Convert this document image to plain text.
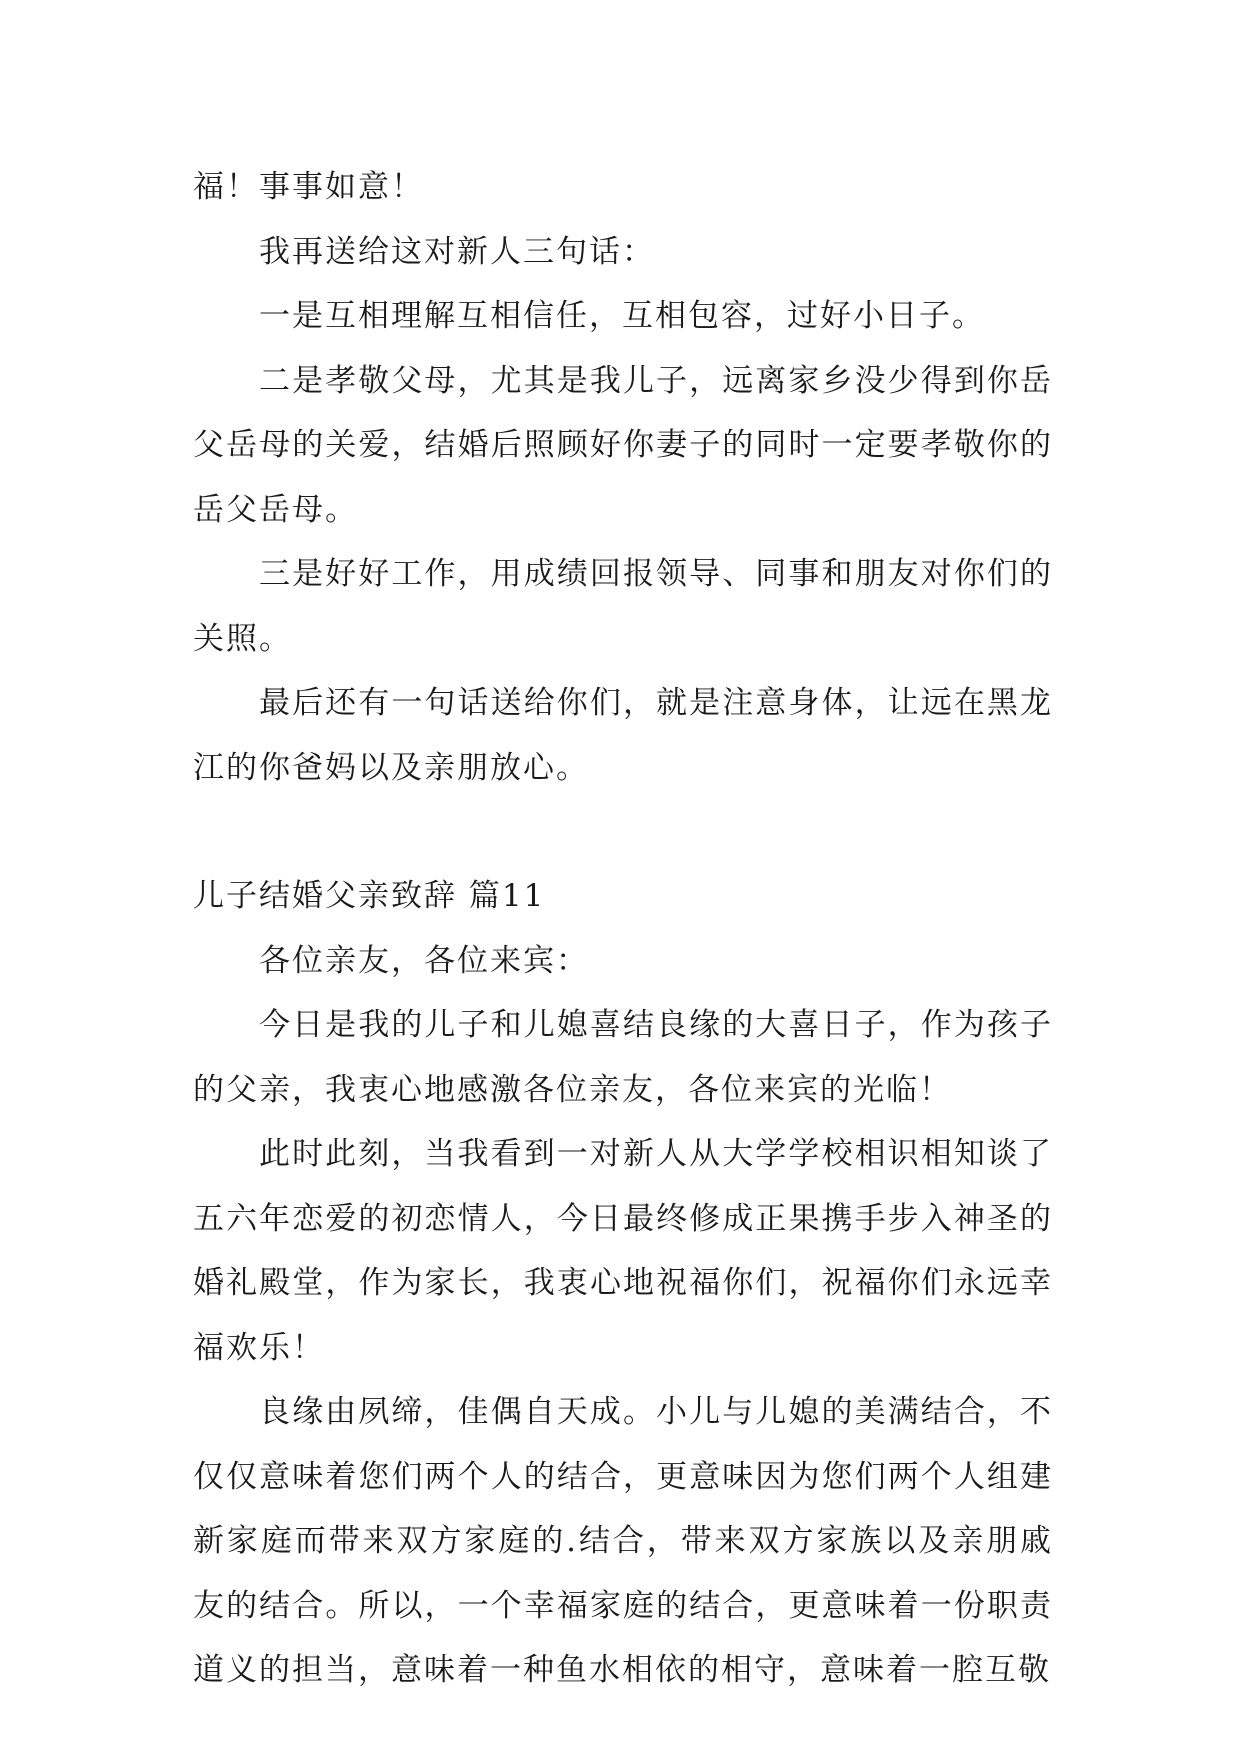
福！事事如意！

我再送给这对新人三句话：

一是互相理解互相信任，互相包容，过好小日子。

二是孝敬父母，尤其是我儿子，远离家乡没少得到你岳父岳母的关爱，结婚后照顾好你妻子的同时一定要孝敬你的岳父岳母。

三是好好工作，用成绩回报领导、同事和朋友对你们的关照。

最后还有一句话送给你们，就是注意身体，让远在黑龙江的你爸妈以及亲朋放心。

儿子结婚父亲致辞 篇11

各位亲友，各位来宾：

今日是我的儿子和儿媳喜结良缘的大喜日子，作为孩子的父亲，我衷心地感激各位亲友，各位来宾的光临！

此时此刻，当我看到一对新人从大学学校相识相知谈了五六年恋爱的初恋情人，今日最终修成正果携手步入神圣的婚礼殿堂，作为家长，我衷心地祝福你们，祝福你们永远幸福欢乐！

良缘由夙缔，佳偶自天成。小儿与儿媳的美满结合，不仅仅意味着您们两个人的结合，更意味因为您们两个人组建新家庭而带来双方家庭的.结合，带来双方家族以及亲朋戚友的结合。所以，一个幸福家庭的结合，更意味着一份职责道义的担当，意味着一种鱼水相依的相守，意味着一腔互敬
